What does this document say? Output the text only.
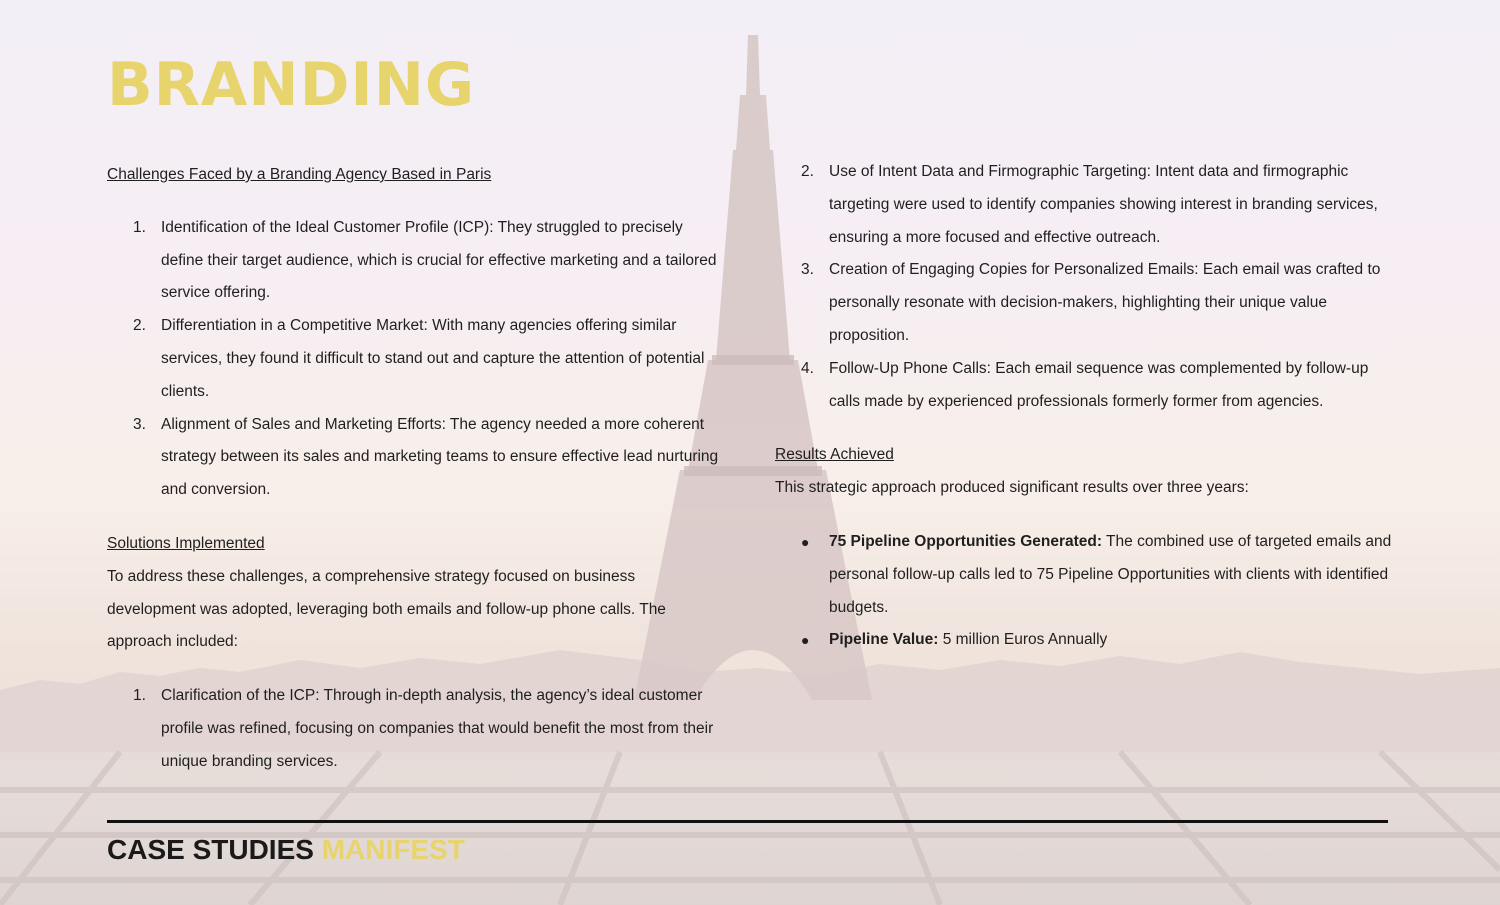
BRANDING

Challenges Faced by a Branding Agency Based in Paris

1. Identification of the Ideal Customer Profile (ICP): They struggled to precisely define their target audience, which is crucial for effective marketing and a tailored service offering.
2. Differentiation in a Competitive Market: With many agencies offering similar services, they found it difficult to stand out and capture the attention of potential clients.
3. Alignment of Sales and Marketing Efforts: The agency needed a more coherent strategy between its sales and marketing teams to ensure effective lead nurturing and conversion.

Solutions Implemented

To address these challenges, a comprehensive strategy focused on business development was adopted, leveraging both emails and follow-up phone calls. The approach included:

1. Clarification of the ICP: Through in-depth analysis, the agency’s ideal customer profile was refined, focusing on companies that would benefit the most from their unique branding services.
2. Use of Intent Data and Firmographic Targeting: Intent data and firmographic targeting were used to identify companies showing interest in branding services, ensuring a more focused and effective outreach.
3. Creation of Engaging Copies for Personalized Emails: Each email was crafted to personally resonate with decision-makers, highlighting their unique value proposition.
4. Follow-Up Phone Calls: Each email sequence was complemented by follow-up calls made by experienced professionals formerly former from agencies.

Results Achieved

This strategic approach produced significant results over three years:

● 75 Pipeline Opportunities Generated: The combined use of targeted emails and personal follow-up calls led to 75 Pipeline Opportunities with clients with identified budgets.
● Pipeline Value: 5 million Euros Annually

CASE STUDIES MANIFEST
